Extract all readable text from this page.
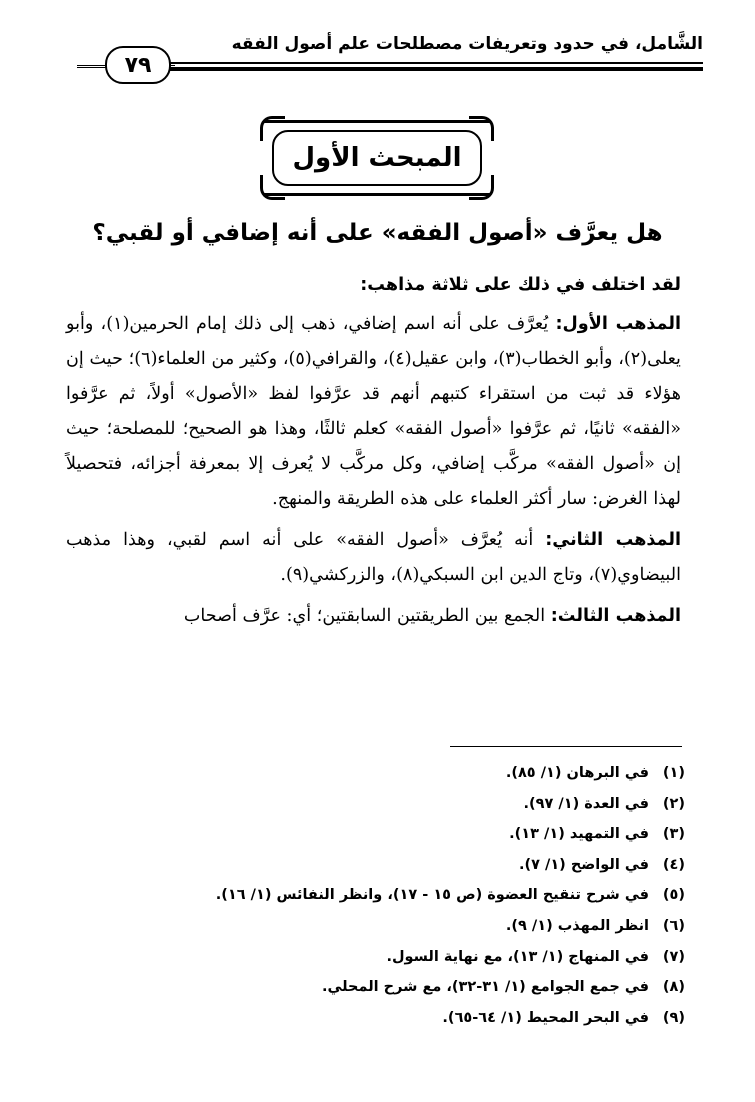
الشَّامل، في حدود وتعريفات مصطلحات علم أصول الفقه
٧٩
المبحث الأول
هل يعرَّف «أصول الفقه» على أنه إضافي أو لقبي؟

لقد اختلف في ذلك على ثلاثة مذاهب:

المذهب الأول: يُعرَّف على أنه اسم إضافي، ذهب إلى ذلك إمام الحرمين(١)، وأبو يعلى(٢)، وأبو الخطاب(٣)، وابن عقيل(٤)، والقرافي(٥)، وكثير من العلماء(٦)؛ حيث إن هؤلاء قد ثبت من استقراء كتبهم أنهم قد عرَّفوا لفظ «الأصول» أولاً، ثم عرَّفوا «الفقه» ثانيًا، ثم عرَّفوا «أصول الفقه» كعلم ثالثًا، وهذا هو الصحيح؛ للمصلحة؛ حيث إن «أصول الفقه» مركَّب إضافي، وكل مركَّب لا يُعرف إلا بمعرفة أجزائه، فتحصيلاً لهذا الغرض: سار أكثر العلماء على هذه الطريقة والمنهج.

المذهب الثاني: أنه يُعرَّف «أصول الفقه» على أنه اسم لقبي، وهذا مذهب البيضاوي(٧)، وتاج الدين ابن السبكي(٨)، والزركشي(٩).

المذهب الثالث: الجمع بين الطريقتين السابقتين؛ أي: عرَّف أصحاب

(١)في البرهان (١/ ٨٥).
(٢)في العدة (١/ ٩٧).
(٣)في التمهيد (١/ ١٣).
(٤)في الواضح (١/ ٧).
(٥)في شرح تنقيح العضوة (ص ١٥ - ١٧)، وانظر النفائس (١/ ١٦).
(٦)انظر المهذب (١/ ٩).
(٧)في المنهاج (١/ ١٣)، مع نهاية السول.
(٨)في جمع الجوامع (١/ ٣١-٣٢)، مع شرح المحلي.
(٩)في البحر المحيط (١/ ٦٤-٦٥).
